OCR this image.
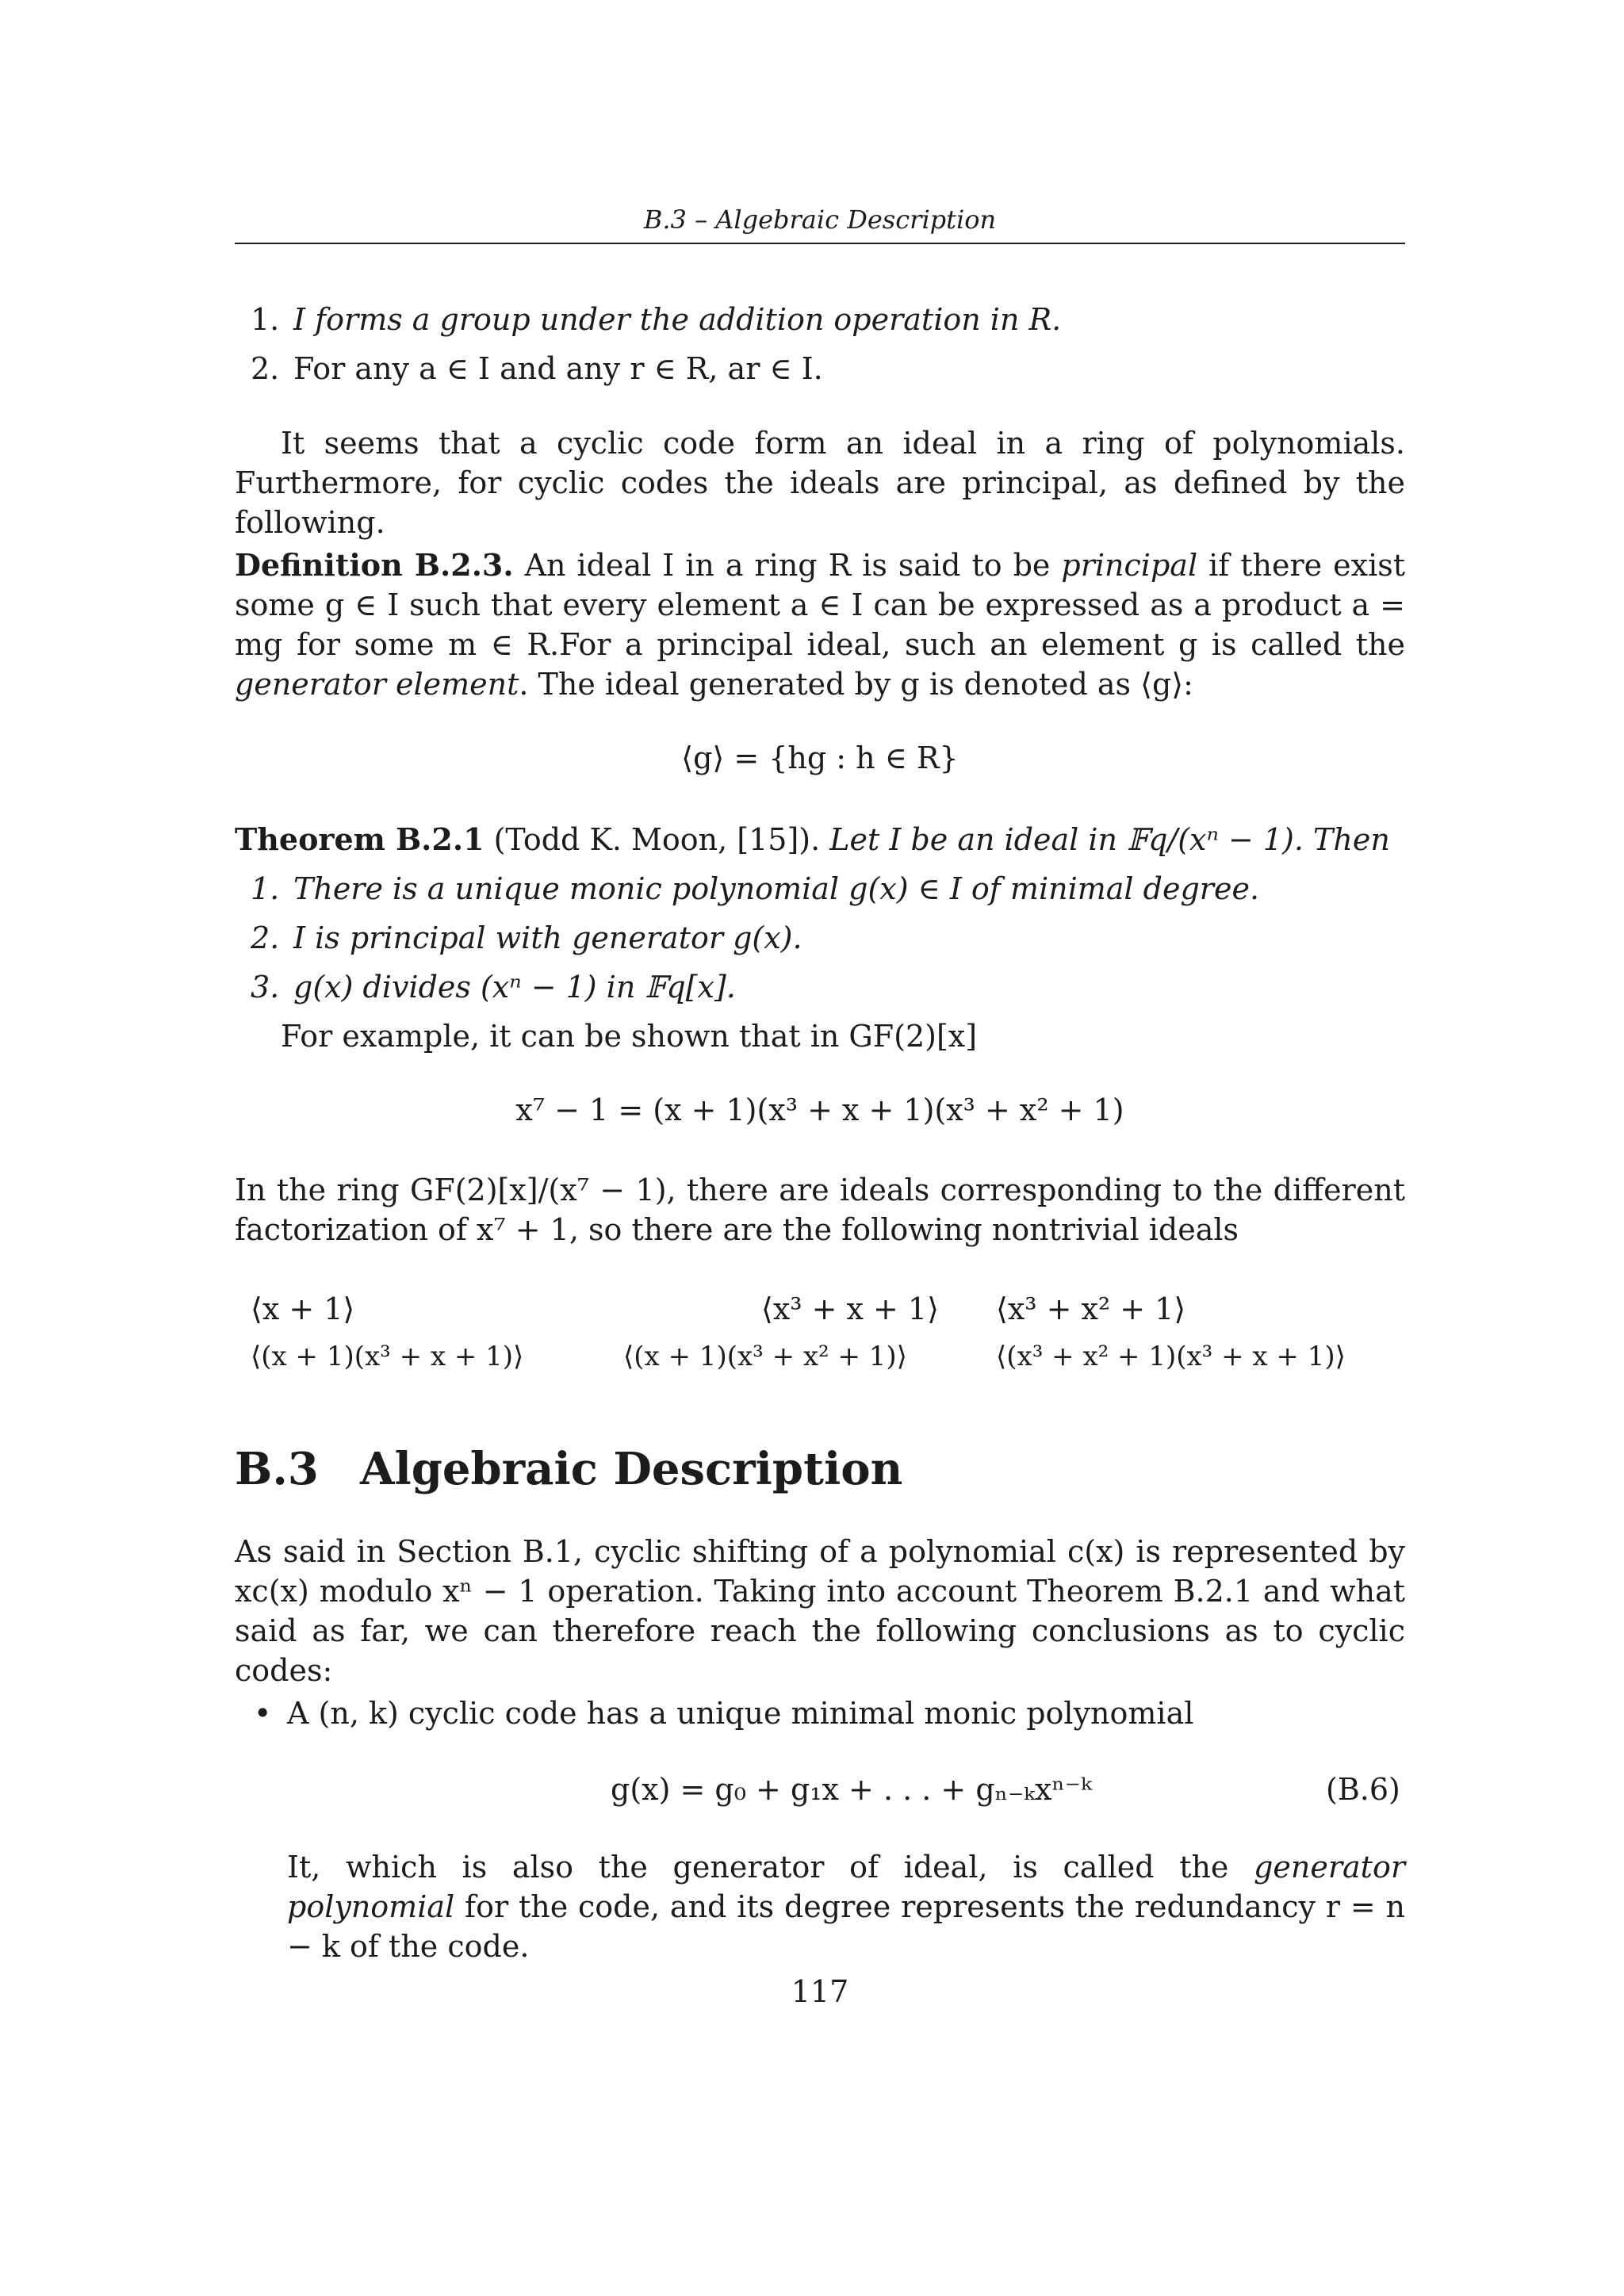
B.3 – Algebraic Description
1. I forms a group under the addition operation in R.
2. For any a ∈ I and any r ∈ R, ar ∈ I.
It seems that a cyclic code form an ideal in a ring of polynomials. Furthermore, for cyclic codes the ideals are principal, as defined by the following.
Definition B.2.3. An ideal I in a ring R is said to be principal if there exist some g ∈ I such that every element a ∈ I can be expressed as a product a = mg for some m ∈ R.For a principal ideal, such an element g is called the generator element. The ideal generated by g is denoted as ⟨g⟩:
⟨g⟩ = {hg : h ∈ R}
Theorem B.2.1 (Todd K. Moon, [15]). Let I be an ideal in 𝔽q/(xⁿ − 1). Then
1. There is a unique monic polynomial g(x) ∈ I of minimal degree.
2. I is principal with generator g(x).
3. g(x) divides (xⁿ − 1) in 𝔽q[x].
For example, it can be shown that in GF(2)[x]
x⁷ − 1 = (x + 1)(x³ + x + 1)(x³ + x² + 1)
In the ring GF(2)[x]/(x⁷ − 1), there are ideals corresponding to the different factorization of x⁷ + 1, so there are the following nontrivial ideals
⟨x + 1⟩	⟨x³ + x + 1⟩ ⟨x³ + x² + 1⟩
⟨(x + 1)(x³ + x + 1)⟩	⟨(x + 1)(x³ + x² + 1)⟩	⟨(x³ + x² + 1)(x³ + x + 1)⟩
B.3 Algebraic Description
As said in Section B.1, cyclic shifting of a polynomial c(x) is represented by xc(x) modulo xⁿ − 1 operation. Taking into account Theorem B.2.1 and what said as far, we can therefore reach the following conclusions as to cyclic codes:
• A (n, k) cyclic code has a unique minimal monic polynomial
g(x) = g₀ + g₁x + . . . + gₙ₋ₖxⁿ⁻ᵏ	(B.6)
It, which is also the generator of ideal, is called the generator polynomial for the code, and its degree represents the redundancy r = n − k of the code.
117
